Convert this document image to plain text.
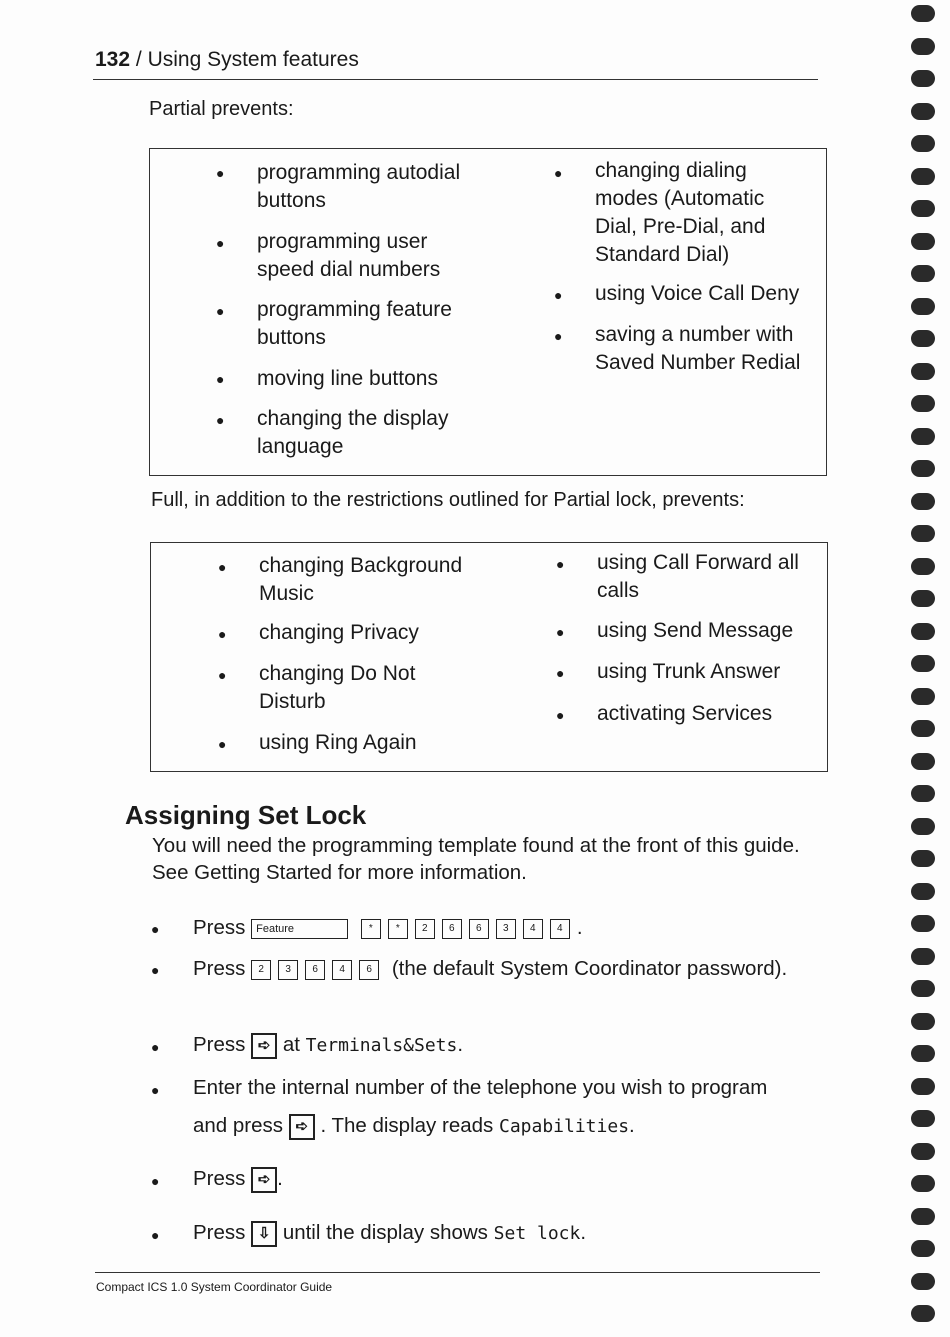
132 / Using System features
Partial prevents:
● programming autodial buttons
● programming user speed dial numbers
● programming feature buttons
● moving line buttons
● changing the display language
● changing dialing modes (Automatic Dial, Pre-Dial, and Standard Dial)
● using Voice Call Deny
● saving a number with Saved Number Redial
Full, in addition to the restrictions outlined for Partial lock, prevents:
● changing Background Music
● changing Privacy
● changing Do Not Disturb
● using Ring Again
● using Call Forward all calls
● using Send Message
● using Trunk Answer
● activating Services
Assigning Set Lock
You will need the programming template found at the front of this guide. See Getting Started for more information.
● Press Feature	* * 2 6 6 3 4 4 .
● Press 2 3 6 4 6 (the default System Coordinator password).
● Press ➪ at Terminals&Sets.
● Enter the internal number of the telephone you wish to program
and press ➪ . The display reads Capabilities.
● Press ➪ .
● Press ⇩ until the display shows Set lock.
Compact ICS 1.0 System Coordinator Guide
